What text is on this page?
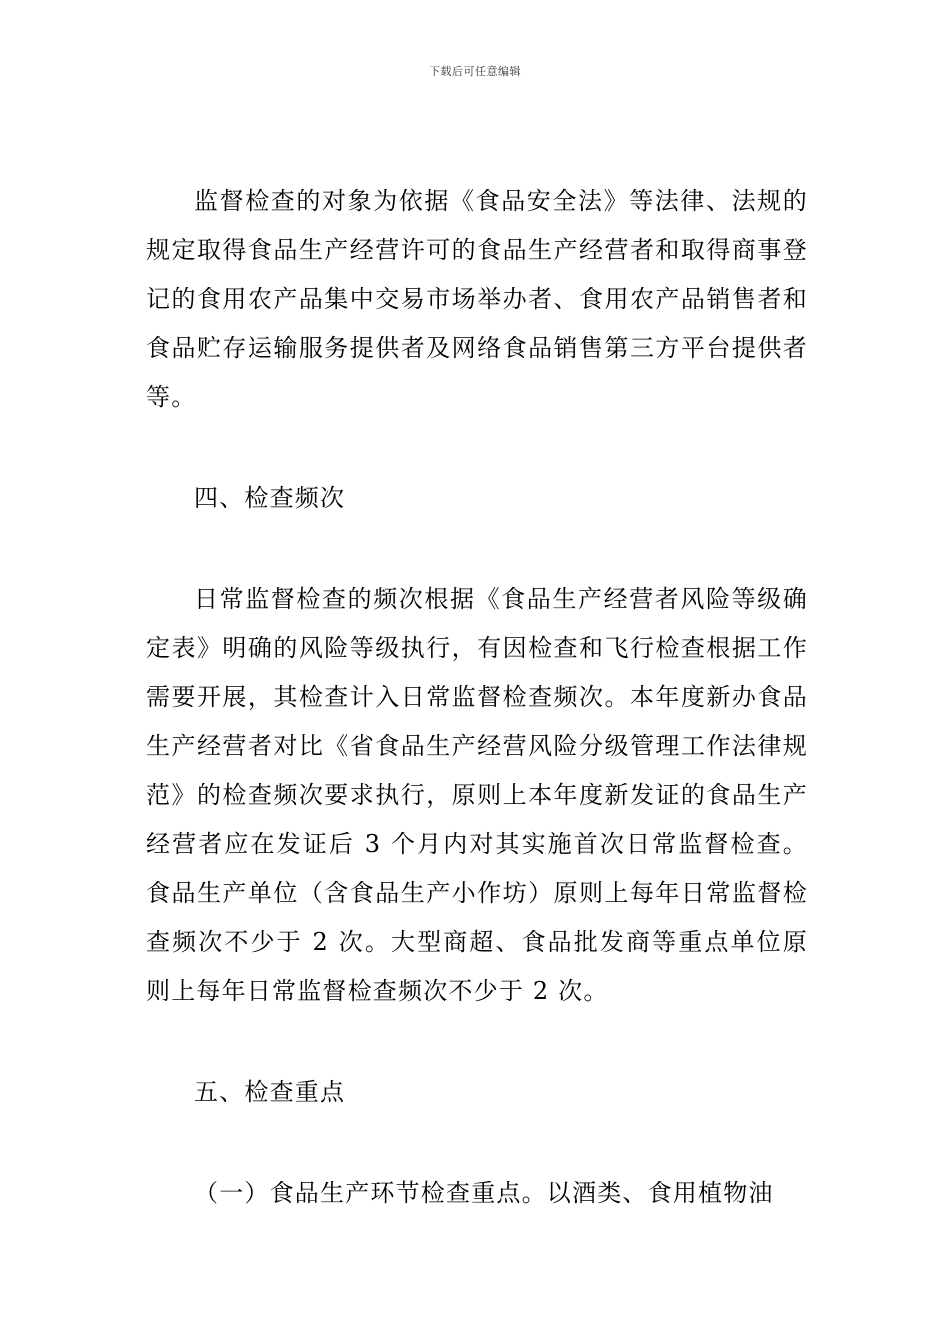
下载后可任意编辑

监督检查的对象为依据《食品安全法》等法律、法规的规定取得食品生产经营许可的食品生产经营者和取得商事登记的食用农产品集中交易市场举办者、食用农产品销售者和食品贮存运输服务提供者及网络食品销售第三方平台提供者等。

四、检查频次

日常监督检查的频次根据《食品生产经营者风险等级确定表》明确的风险等级执行，有因检查和飞行检查根据工作需要开展，其检查计入日常监督检查频次。本年度新办食品生产经营者对比《省食品生产经营风险分级管理工作法律规范》的检查频次要求执行，原则上本年度新发证的食品生产经营者应在发证后 3 个月内对其实施首次日常监督检查。食品生产单位（含食品生产小作坊）原则上每年日常监督检查频次不少于 2 次。大型商超、食品批发商等重点单位原则上每年日常监督检查频次不少于 2 次。

五、检查重点

（一）食品生产环节检查重点。以酒类、食用植物油
